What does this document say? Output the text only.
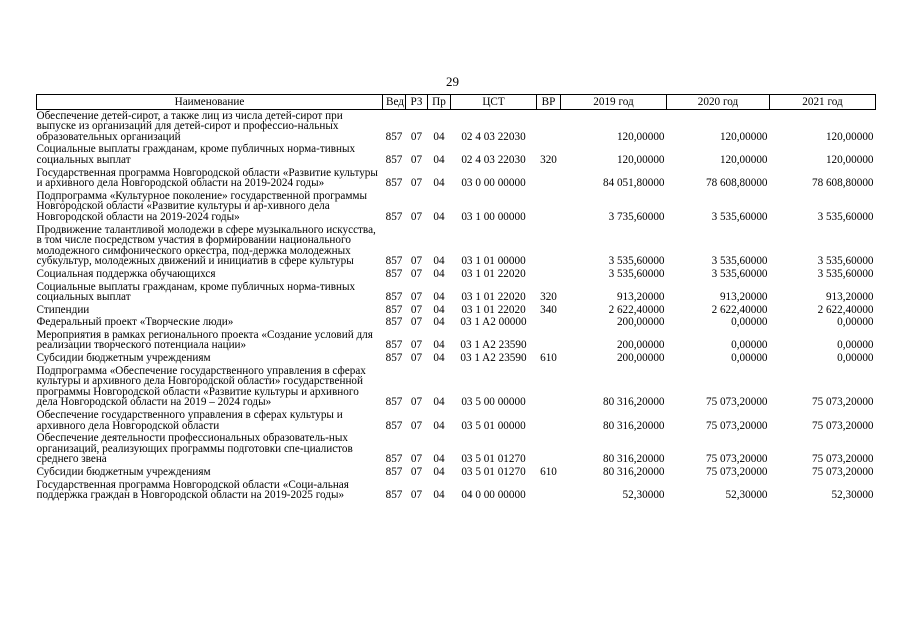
29
Наименование	Вед	РЗ	Пр	ЦСТ	ВР	2019 год	2020 год	2021 год
Обеспечение детей-сирот, а также лиц из числа детей-сирот при выпуске из организаций для детей-сирот и профессио-нальных образовательных организаций	857	07	04	02 4 03 22030		120,00000	120,00000	120,00000
Социальные выплаты гражданам, кроме публичных норма-тивных социальных выплат	857	07	04	02 4 03 22030	320	120,00000	120,00000	120,00000
Государственная программа Новгородской области «Развитие культуры и архивного дела Новгородской области на 2019-2024 годы»	857	07	04	03 0 00 00000		84 051,80000	78 608,80000	78 608,80000
Подпрограмма «Культурное поколение» государственной программы Новгородской области «Развитие культуры и ар-хивного дела Новгородской области на 2019-2024 годы»	857	07	04	03 1 00 00000		3 735,60000	3 535,60000	3 535,60000
Продвижение талантливой молодежи в сфере музыкального искусства, в том числе посредством участия в формировании национального молодежного симфонического оркестра, под-держка молодежных субкультур, молодежных движений и инициатив в сфере культуры	857	07	04	03 1 01 00000		3 535,60000	3 535,60000	3 535,60000
Социальная поддержка обучающихся	857	07	04	03 1 01 22020		3 535,60000	3 535,60000	3 535,60000
Социальные выплаты гражданам, кроме публичных норма-тивных социальных выплат	857	07	04	03 1 01 22020	320	913,20000	913,20000	913,20000
Стипендии	857	07	04	03 1 01 22020	340	2 622,40000	2 622,40000	2 622,40000
Федеральный проект «Творческие люди»	857	07	04	03 1 A2 00000		200,00000	0,00000	0,00000
Мероприятия в рамках регионального проекта «Создание условий для реализации творческого потенциала нации»	857	07	04	03 1 A2 23590		200,00000	0,00000	0,00000
Субсидии бюджетным учреждениям	857	07	04	03 1 A2 23590	610	200,00000	0,00000	0,00000
Подпрограмма «Обеспечение государственного управления в сферах культуры и архивного дела Новгородской области» государственной программы Новгородской области «Развитие культуры и архивного дела Новгородской области на 2019 – 2024 годы»	857	07	04	03 5 00 00000		80 316,20000	75 073,20000	75 073,20000
Обеспечение государственного управления в сферах культуры и архивного дела Новгородской области	857	07	04	03 5 01 00000		80 316,20000	75 073,20000	75 073,20000
Обеспечение деятельности профессиональных образователь-ных организаций, реализующих программы подготовки спе-циалистов среднего звена	857	07	04	03 5 01 01270		80 316,20000	75 073,20000	75 073,20000
Субсидии бюджетным учреждениям	857	07	04	03 5 01 01270	610	80 316,20000	75 073,20000	75 073,20000
Государственная программа Новгородской области «Соци-альная поддержка граждан в Новгородской области на 2019-2025 годы»	857	07	04	04 0 00 00000		52,30000	52,30000	52,30000
